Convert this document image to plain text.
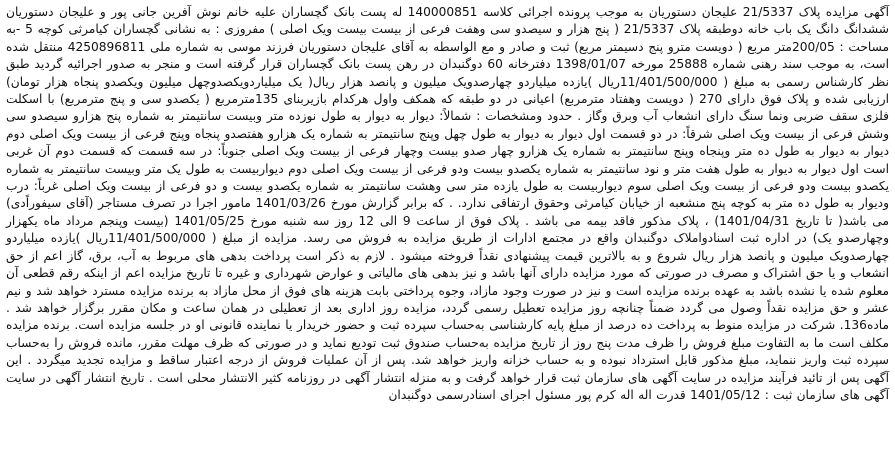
آگهی مزایده پلاک 21/5337 علیجان دستوریان به موجب پرونده اجرائی کلاسه 140000851 له پست بانک گچساران علیه خانم نوش آفرین جانی پور و علیجان دستوریان ششدانگ دانگ یک باب خانه دوطبقه پلاک 21/5337 ( پنج هزار و سیصدو سی وهفت فرعی از بیست بیست ویک اصلی ) مفروزی : به نشانی گچساران کیامرثی کوچه 5 -به مساحت : 200/05متر مربع ( دویست مترو پنج دسیمتر مربع) ثبت و صادر و مع الواسطه به آقای علیجان دستوریان فرزند موسی به شماره ملی 4250896811 منتقل شده است، به موجب سند رهنی شماره 25888 مورخه 1398/01/07 دفترخانه 60 دوگنبدان در رهن پست بانک گچساران قرار گرفته است و منجر به صدور اجرائیه گردید طبق نظر کارشناس رسمی به مبلغ ( 11/401/500/000ریال )یازده میلیاردو چهارصدویک میلیون و پانصد هزار ریال( یک میلیاردویکصدوچهل میلیون ویکصدو پنجاه هزار تومان) ارزیابی شده و پلاک فوق دارای 270 ( دویست وهفتاد مترمربع) اعیانی در دو طبقه که همکف واول هرکدام بازیربنای 135مترمربع ( یکصدو سی و پنج مترمربع) با اسکلت فلزی سقف ضربی ونما سنگ دارای انشعاب آب وبرق وگاز . حدود ومشخصات : شمالاً: دیوار به دیوار به طول نوزده متر وبیست سانتیمتر به شماره پنج هزارو سیصدو سی وشش فرعی از بیست ویک اصلی شرقاً: در دو قسمت اول دیوار به دیوار به طول چهل وپنج سانتیمتر به شماره یک هزارو هفتصدو پنجاه وپنج فرعی از بیست ویک اصلی دوم دیوار به دیوار به طول ده متر وپنجاه وپنج سانتیمتر به شماره یک هزارو چهار صدو بیست وچهار فرعی از بیست ویک اصلی جنوباً: در سه قسمت که قسمت دوم آن غربی است اول دیوار به دیوار به طول هفت متر و نود سانتیمتر به شماره یکصدو بیست ودو فرعی از بیست ویک اصلی دوم دیواربیست به طول یک متر وبیست سانتیمتر به شماره یکصدو بیست ودو فرعی از بیست ویک اصلی سوم دیواربیست به طول یازده متر سی وهشت سانتیمتر به شماره یکصدو بیست و دو فرعی از بیست ویک اصلی غرباً: درب ودیوار به طول ده متر به کوچه پنج منشعبه از خیابان کیامرثی وحقوق ارتفاقی ندارد. . که برابر گزارش مورخ 1401/03/26 مامور اجرا در تصرف مستاجر (آقای سیفوراًدی) می باشد( تا تاریخ 1401/04/31) ، پلاک مذکور فاقد بیمه می باشد . پلاک فوق از ساعت 9 الی 12 روز سه شنبه مورخ 1401/05/25 (بیست وپنجم مرداد ماه یکهزار وچهارصدو یک) در اداره ثبت اسنادواملاک دوگنبدان واقع در مجتمع ادارات از طریق مزایده به فروش می رسد. مزایده از مبلغ ( 11/401/500/000ریال )یازده میلیاردو چهارصدویک میلیون و پانصد هزار ریال شروع و به بالاترین قیمت پیشنهادی نقداً فروخته میشود . لازم به ذکر است پرداخت بدهی های مربوط به آب، برق، گاز اعم از حق انشعاب و یا حق اشتراک و مصرف در صورتی که مورد مزایده دارای آنها باشد و نیز بدهی های مالیاتی و عوارض شهرداری و غیره تا تاریخ مزایده اعم از اینکه رقم قطعی آن معلوم شده یا نشده باشد به عهده برنده مزایده است و نیز در صورت وجود مازاد، وجوه پرداختی بابت هزینه های فوق از محل مازاد به برنده مزایده مسترد خواهد شد و نیم عشر و حق مزایده نقداً وصول می گردد ضمناً چنانچه روز مزایده تعطیل رسمی گردد، مزایده روز اداری بعد از تعطیلی در همان ساعت و مکان مقرر برگزار خواهد شد . ماده136. شرکت در مزایده منوط به پرداخت ده درصد از مبلغ پایه کارشناسی به‌حساب سپرده ثبت و حضور خریدار یا نماینده قانونی او در جلسه مزایده است. برنده مزایده مکلف است ما به التفاوت مبلغ فروش را ظرف مدت پنج روز از تاریخ مزایده به‌حساب صندوق ثبت تودیع نماید و در صورتی که ظرف مهلت مقرر، مانده فروش را به‌حساب سپرده ثبت واریز ننماید، مبلغ مذکور قابل استرداد نبوده و به حساب خزانه واریز خواهد شد. پس از آن عملیات فروش از درجه اعتبار ساقط و مزایده تجدید میگردد . این آگهی پس از تائید فرآیند مزایده در سایت آگهی های سازمان ثبت قرار خواهد گرفت و به منزله انتشار آگهی در روزنامه کثیر الانتشار محلی است . تاریخ انتشار آگهی در سایت آگهی های سازمان ثبت : 1401/05/12 قدرت اله اله کرم پور مسئول اجرای اسنادرسمی دوگنبدان
